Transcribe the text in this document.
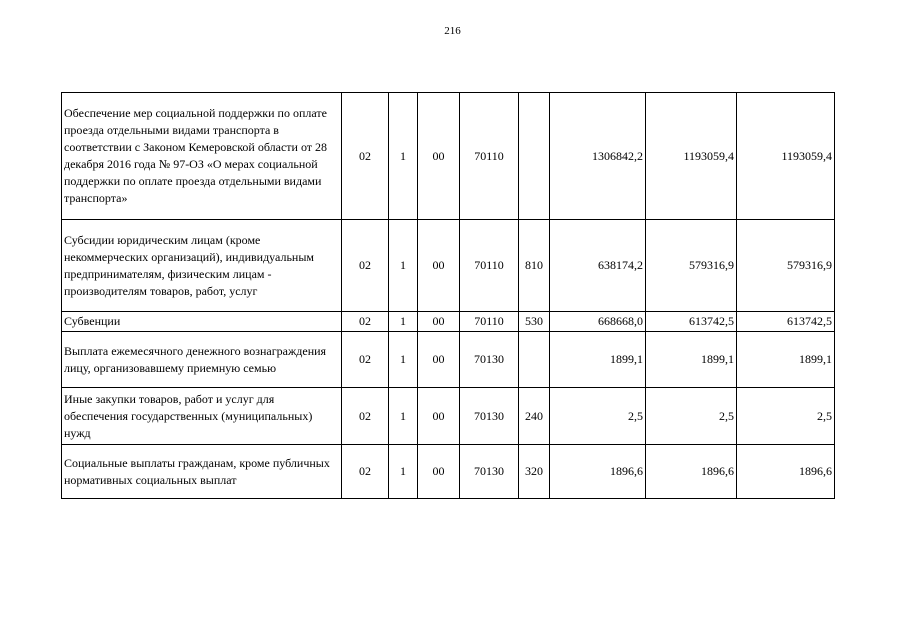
216
Обеспечение мер социальной поддержки по оплате проезда отдельными видами транспорта в соответствии с Законом Кемеровской области от 28 декабря 2016 года № 97-ОЗ «О мерах социальной поддержки по оплате проезда отдельными видами транспорта»	02	1	00	70110		1306842,2	1193059,4	1193059,4
Субсидии юридическим лицам (кроме некоммерческих организаций), индивидуальным предпринимателям, физическим лицам - производителям товаров, работ, услуг	02	1	00	70110	810	638174,2	579316,9	579316,9
Субвенции	02	1	00	70110	530	668668,0	613742,5	613742,5
Выплата ежемесячного денежного вознаграждения лицу, организовавшему приемную семью	02	1	00	70130		1899,1	1899,1	1899,1
Иные закупки товаров, работ и услуг для обеспечения государственных (муниципальных) нужд	02	1	00	70130	240	2,5	2,5	2,5
Социальные выплаты гражданам, кроме публичных нормативных социальных выплат	02	1	00	70130	320	1896,6	1896,6	1896,6
